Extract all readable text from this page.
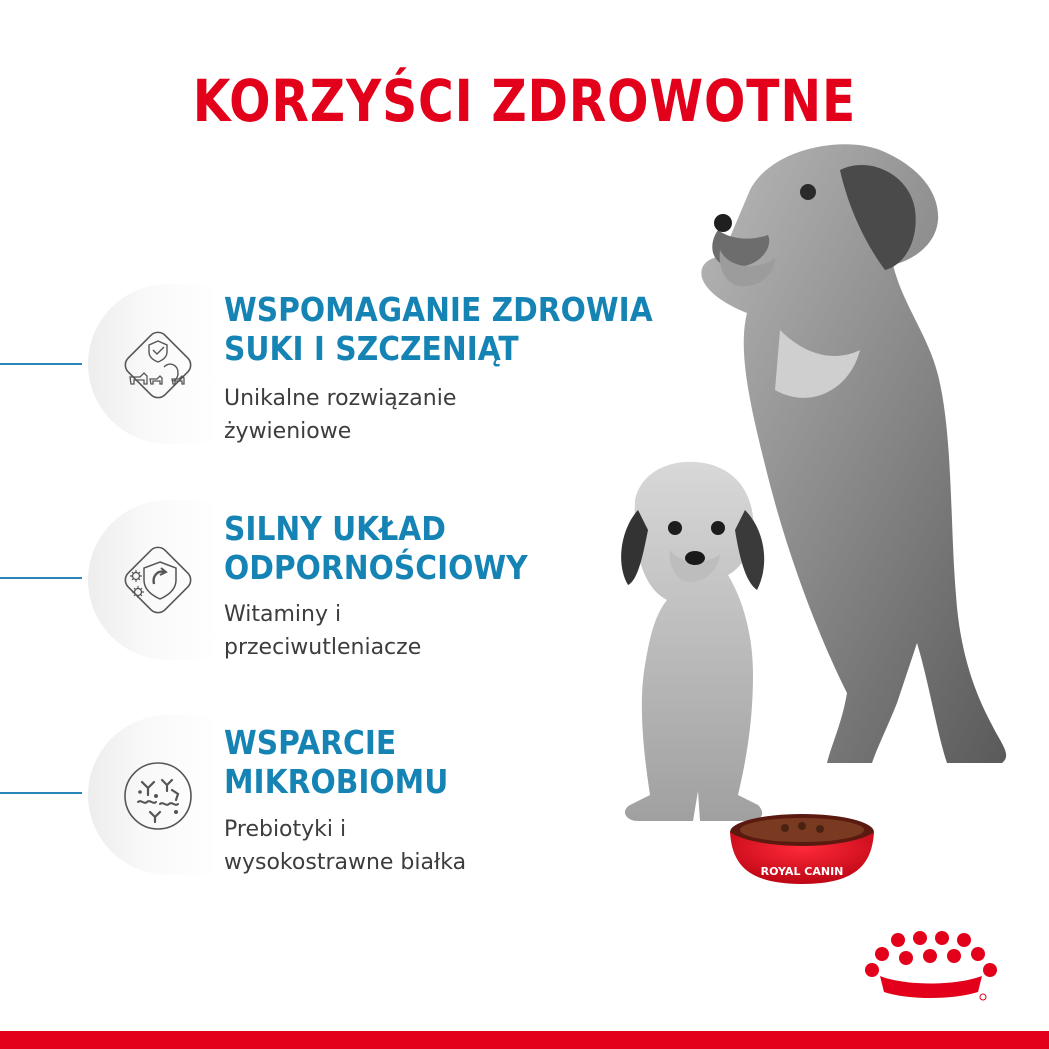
KORZYŚCI ZDROWOTNE
WSPOMAGANIE ZDROWIA
SUKI I SZCZENIĄT

Unikalne rozwiązanie
żywieniowe

SILNY UKŁAD
ODPORNOŚCIOWY

Witaminy i
przeciwutleniacze

WSPARCIE
MIKROBIOMU

Prebiotyki i
wysokostrawne białka	ROYAL CANIN
